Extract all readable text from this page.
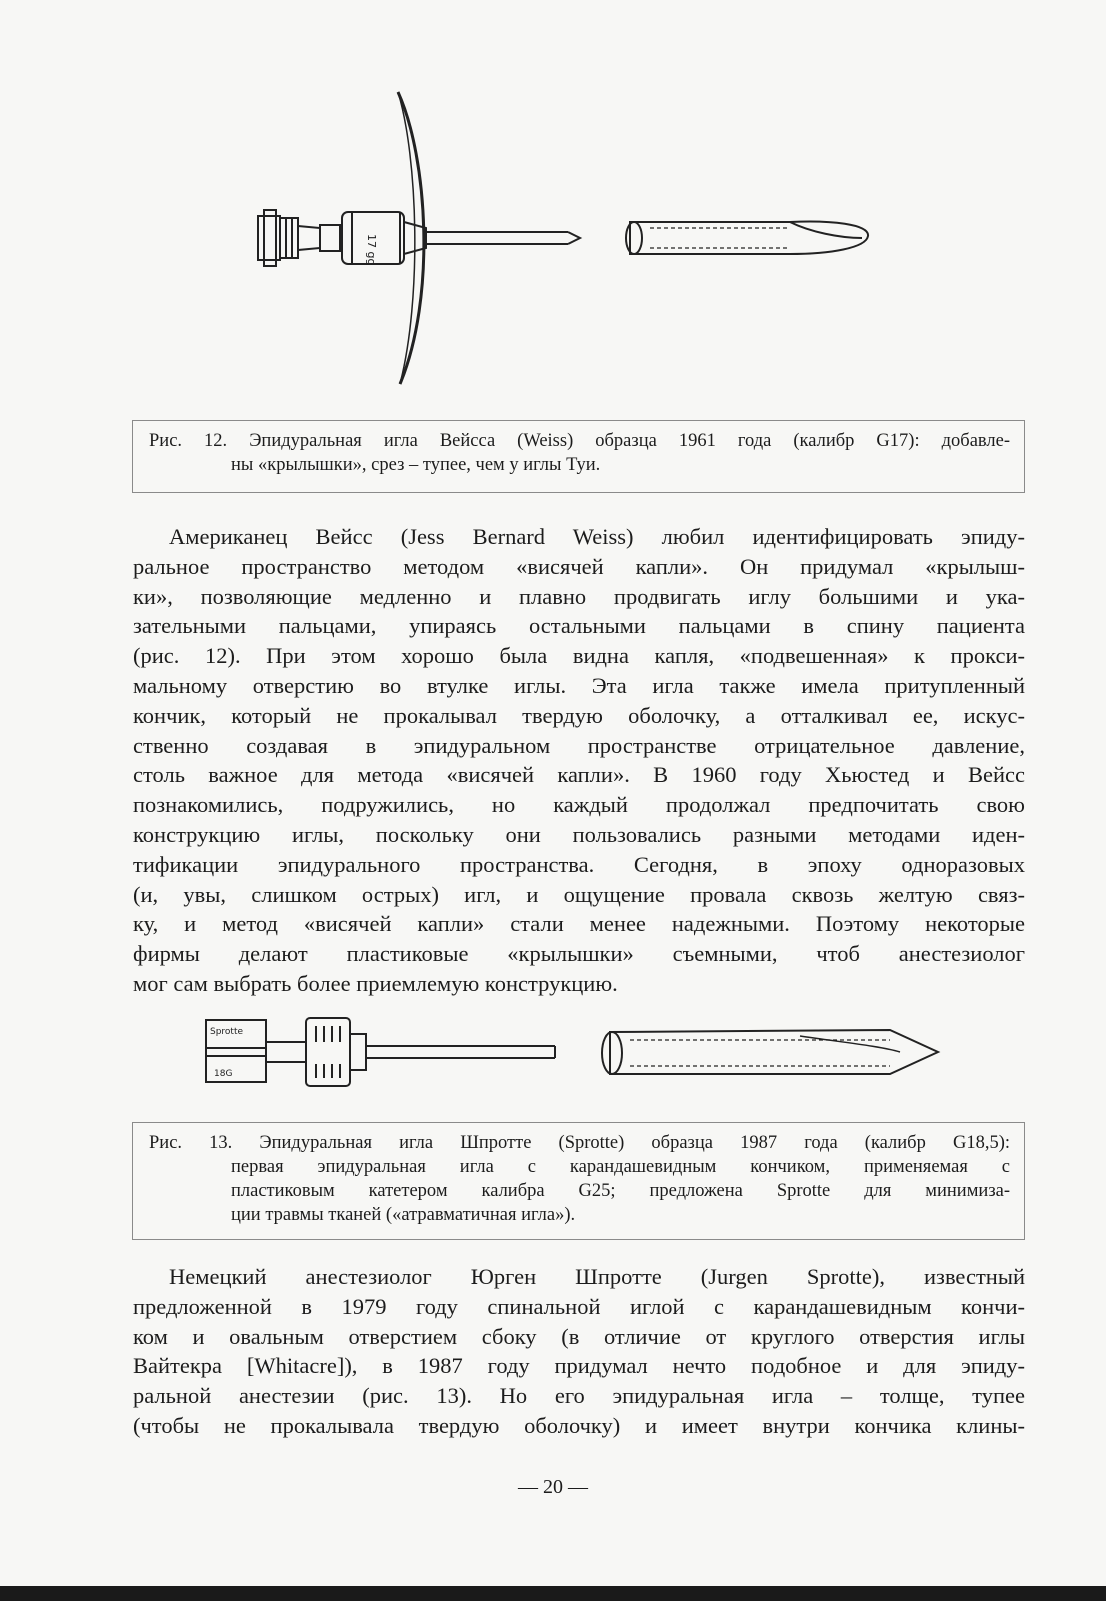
17 gg
Рис. 12. Эпидуральная игла Вейсса (Weiss) образца 1961 года (калибр G17): добавле-
ны «крылышки», срез – тупее, чем у иглы Туи.
Американец Вейсс (Jess Bernard Weiss) любил идентифицировать эпиду-
ральное пространство методом «висячей капли». Он придумал «крылыш-
ки», позволяющие медленно и плавно продвигать иглу большими и ука-
зательными пальцами, упираясь остальными пальцами в спину пациента
(рис. 12). При этом хорошо была видна капля, «подвешенная» к прокси-
мальному отверстию во втулке иглы. Эта игла также имела притупленный
кончик, который не прокалывал твердую оболочку, а отталкивал ее, искус-
ственно создавая в эпидуральном пространстве отрицательное давление,
столь важное для метода «висячей капли». В 1960 году Хьюстед и Вейсс
познакомились, подружились, но каждый продолжал предпочитать свою
конструкцию иглы, поскольку они пользовались разными методами иден-
тификации эпидурального пространства. Сегодня, в эпоху одноразовых
(и, увы, слишком острых) игл, и ощущение провала сквозь желтую связ-
ку, и метод «висячей капли» стали менее надежными. Поэтому некоторые
фирмы делают пластиковые «крылышки» съемными, чтоб анестезиолог
мог сам выбрать более приемлемую конструкцию.
Sprotte
18G
Рис. 13. Эпидуральная игла Шпротте (Sprotte) образца 1987 года (калибр G18,5):
первая эпидуральная игла с карандашевидным кончиком, применяемая с
пластиковым катетером калибра G25; предложена Sprotte для минимиза-
ции травмы тканей («атравматичная игла»).
Немецкий анестезиолог Юрген Шпротте (Jurgen Sprotte), известный
предложенной в 1979 году спинальной иглой с карандашевидным кончи-
ком и овальным отверстием сбоку (в отличие от круглого отверстия иглы
Вайтекра [Whitacre]), в 1987 году придумал нечто подобное и для эпиду-
ральной анестезии (рис. 13). Но его эпидуральная игла – толще, тупее
(чтобы не прокалывала твердую оболочку) и имеет внутри кончика клины-
— 20 —
